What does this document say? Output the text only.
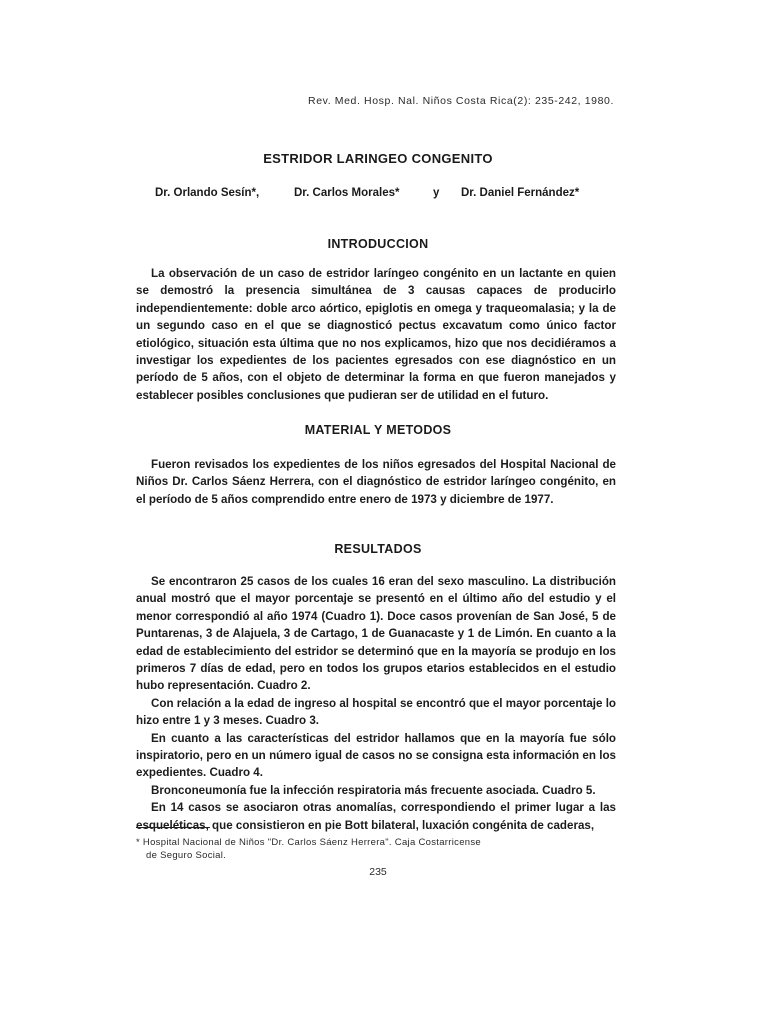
Rev. Med. Hosp. Nal. Niños Costa Rica(2): 235-242, 1980.
ESTRIDOR LARINGEO CONGENITO
Dr. Orlando Sesín*,	Dr. Carlos Morales*	y Dr. Daniel Fernández*
INTRODUCCION

La observación de un caso de estridor laríngeo congénito en un lactante en quien se demostró la presencia simultánea de 3 causas capaces de producirlo independientemente: doble arco aórtico, epiglotis en omega y traqueomalasia; y la de un segundo caso en el que se diagnosticó pectus excavatum como único factor etiológico, situación esta última que no nos explicamos, hizo que nos decidiéramos a investigar los expedientes de los pacientes egresados con ese diagnóstico en un período de 5 años, con el objeto de determinar la forma en que fueron manejados y establecer posibles conclusiones que pudieran ser de utilidad en el futuro.

MATERIAL Y METODOS

Fueron revisados los expedientes de los niños egresados del Hospital Nacional de Niños Dr. Carlos Sáenz Herrera, con el diagnóstico de estridor laríngeo congénito, en el período de 5 años comprendido entre enero de 1973 y diciembre de 1977.

RESULTADOS

Se encontraron 25 casos de los cuales 16 eran del sexo masculino. La distribución anual mostró que el mayor porcentaje se presentó en el último año del estudio y el menor correspondió al año 1974 (Cuadro 1). Doce casos provenían de San José, 5 de Puntarenas, 3 de Alajuela, 3 de Cartago, 1 de Guanacaste y 1 de Limón. En cuanto a la edad de establecimiento del estridor se determinó que en la mayoría se produjo en los primeros 7 días de edad, pero en todos los grupos etarios establecidos en el estudio hubo representación. Cuadro 2.

Con relación a la edad de ingreso al hospital se encontró que el mayor porcentaje lo hizo entre 1 y 3 meses. Cuadro 3.

En cuanto a las características del estridor hallamos que en la mayoría fue sólo inspiratorio, pero en un número igual de casos no se consigna esta información en los expedientes. Cuadro 4.

Bronconeumonía fue la infección respiratoria más frecuente asociada. Cuadro 5.

En 14 casos se asociaron otras anomalías, correspondiendo el primer lugar a las esqueléticas, que consistieron en pie Bott bilateral, luxación congénita de caderas,

* Hospital Nacional de Niños "Dr. Carlos Sáenz Herrera". Caja Costarricense
de Seguro Social.
235
